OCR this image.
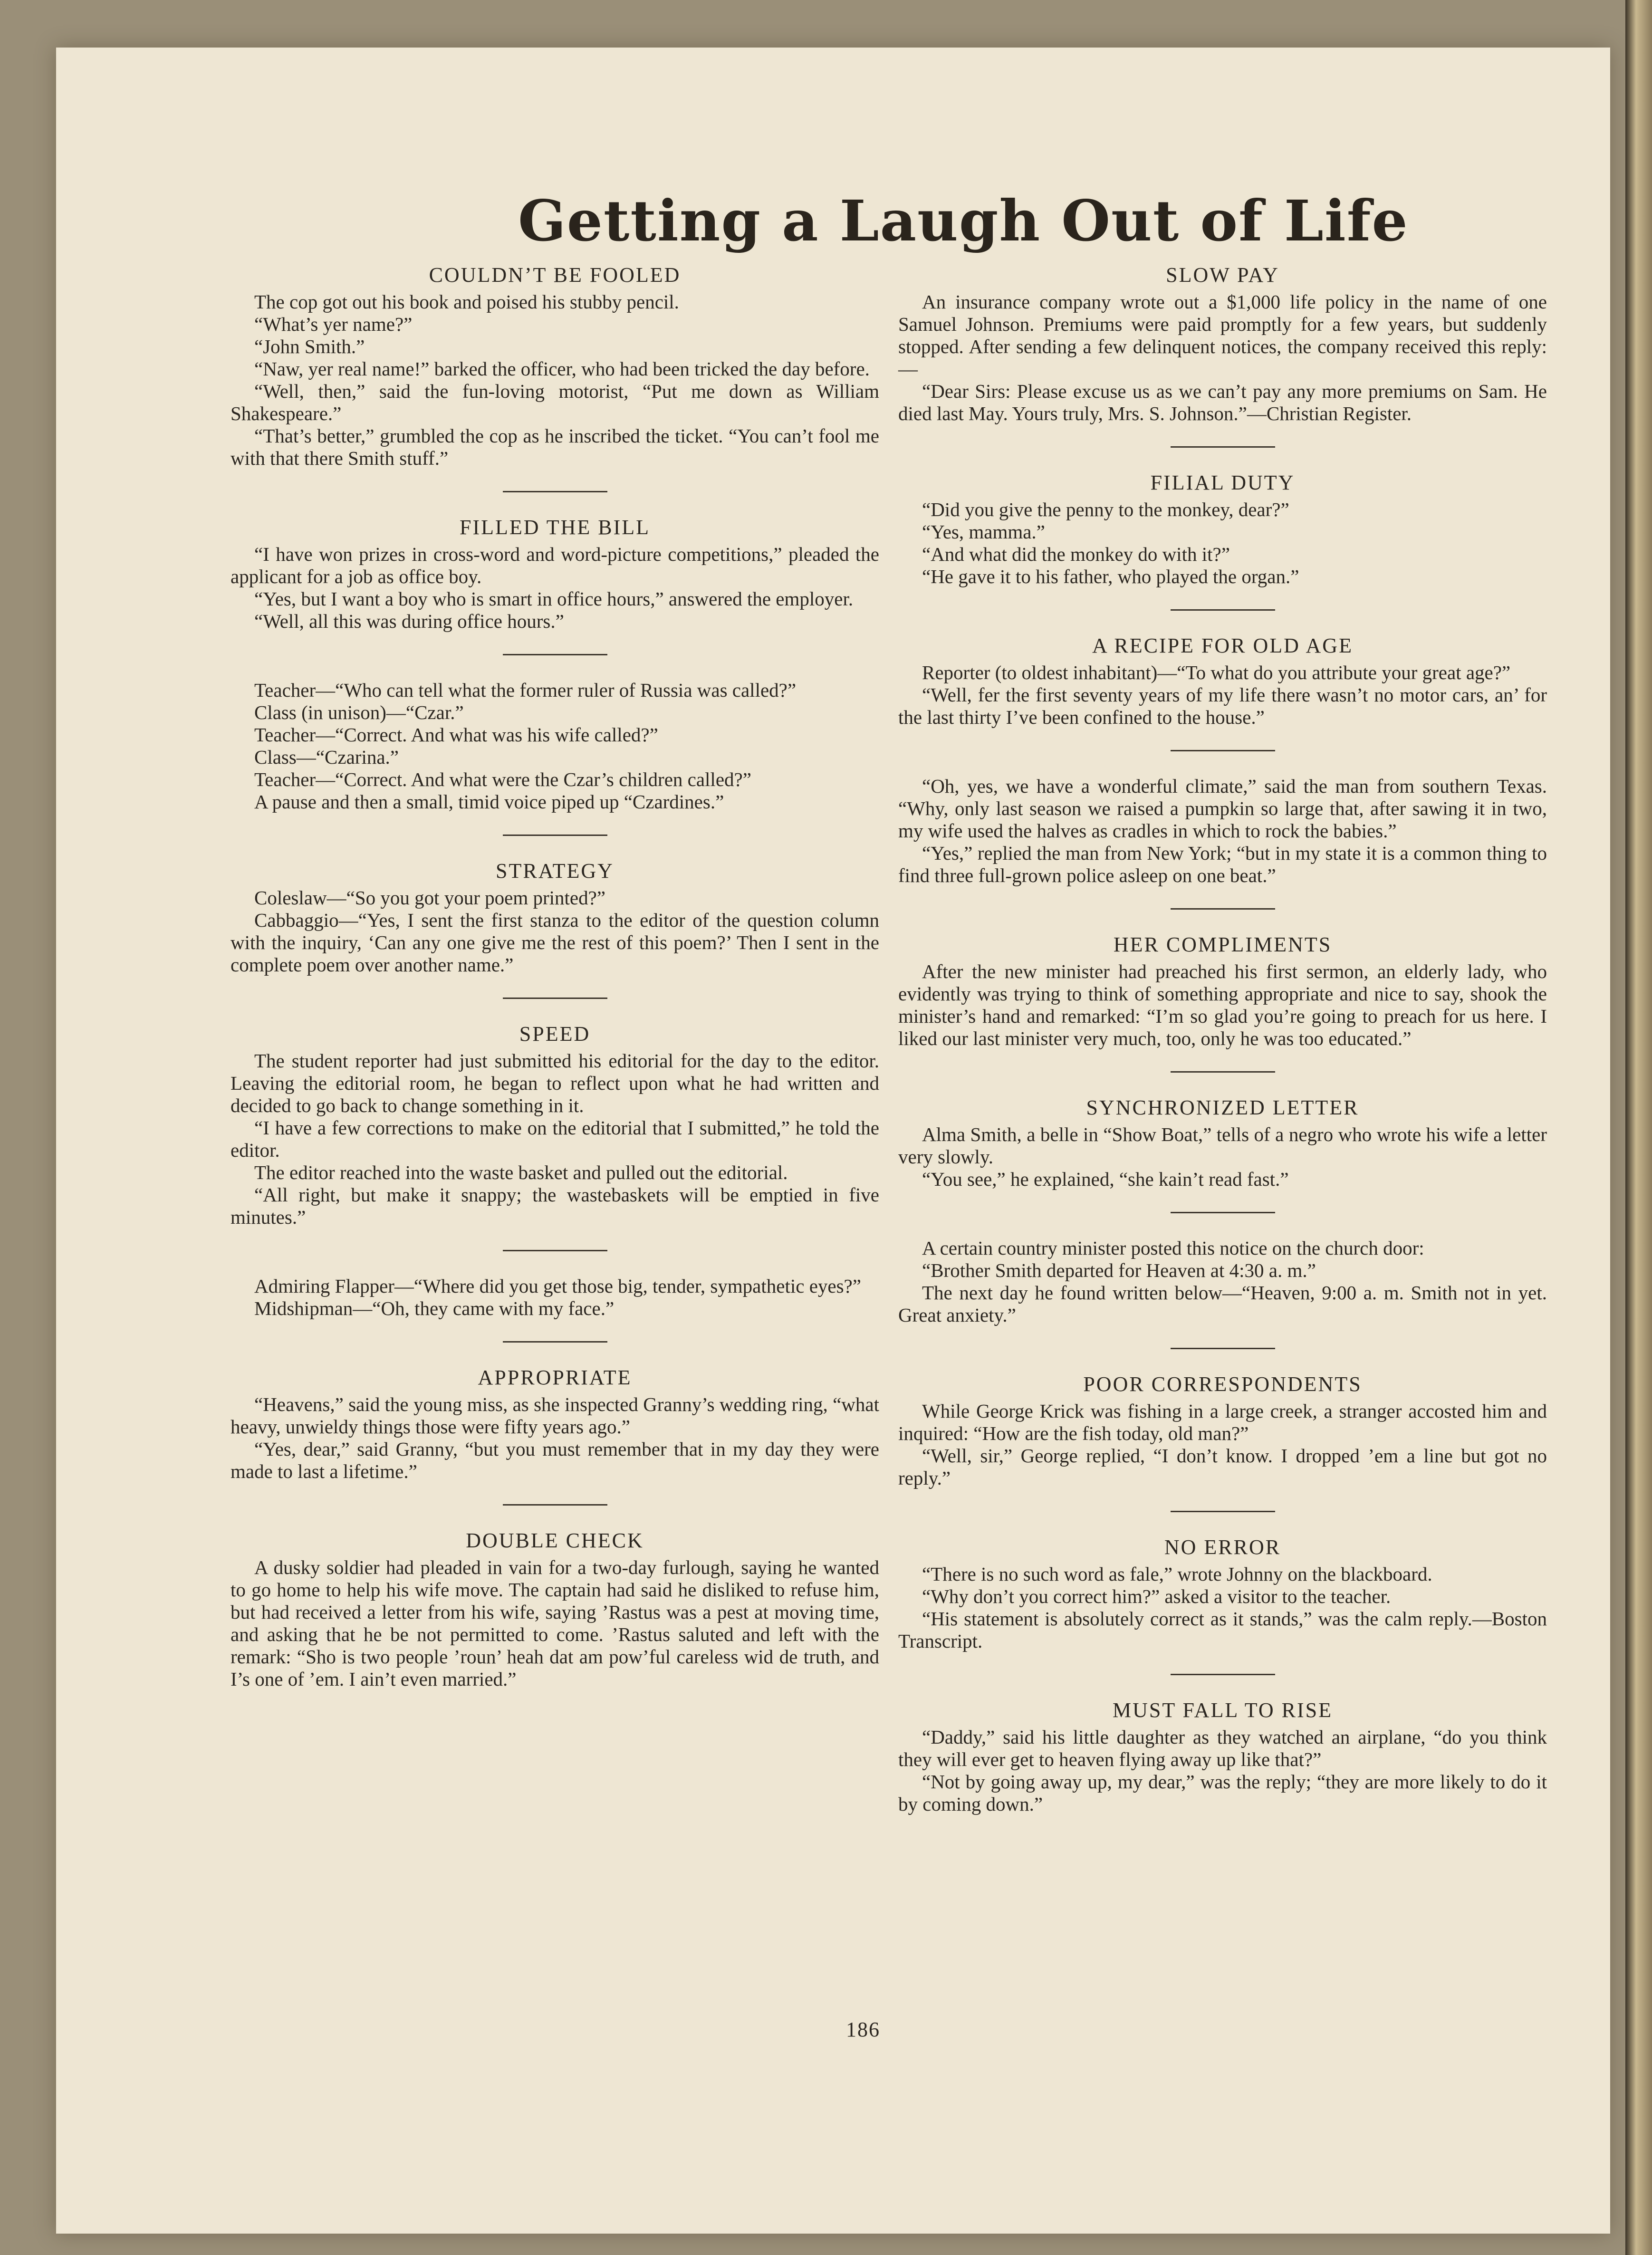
Getting a Laugh Out of Life
COULDN’T BE FOOLED
The cop got out his book and poised his stubby pencil.
“What’s yer name?”
“John Smith.”
“Naw, yer real name!” barked the officer, who had been tricked the day before.
“Well, then,” said the fun-loving motorist, “Put me down as William Shakespeare.”
“That’s better,” grumbled the cop as he inscribed the ticket. “You can’t fool me with that there Smith stuff.”
FILLED THE BILL
“I have won prizes in cross-word and word-picture competitions,” pleaded the applicant for a job as office boy.
“Yes, but I want a boy who is smart in office hours,” answered the employer.
“Well, all this was during office hours.”
Teacher—“Who can tell what the former ruler of Russia was called?”
Class (in unison)—“Czar.”
Teacher—“Correct. And what was his wife called?”
Class—“Czarina.”
Teacher—“Correct. And what were the Czar’s children called?”
A pause and then a small, timid voice piped up “Czardines.”
STRATEGY
Coleslaw—“So you got your poem printed?”
Cabbaggio—“Yes, I sent the first stanza to the editor of the question column with the inquiry, ‘Can any one give me the rest of this poem?’ Then I sent in the complete poem over another name.”
SPEED
The student reporter had just submitted his editorial for the day to the editor. Leaving the editorial room, he began to reflect upon what he had written and decided to go back to change something in it.
“I have a few corrections to make on the editorial that I submitted,” he told the editor.
The editor reached into the waste basket and pulled out the editorial.
“All right, but make it snappy; the wastebaskets will be emptied in five minutes.”
Admiring Flapper—“Where did you get those big, tender, sympathetic eyes?”
Midshipman—“Oh, they came with my face.”
APPROPRIATE
“Heavens,” said the young miss, as she inspected Granny’s wedding ring, “what heavy, unwieldy things those were fifty years ago.”
“Yes, dear,” said Granny, “but you must remember that in my day they were made to last a lifetime.”
DOUBLE CHECK
A dusky soldier had pleaded in vain for a two-day furlough, saying he wanted to go home to help his wife move. The captain had said he disliked to refuse him, but had received a letter from his wife, saying ’Rastus was a pest at moving time, and asking that he be not permitted to come. ’Rastus saluted and left with the remark: “Sho is two people ’roun’ heah dat am pow’ful careless wid de truth, and I’s one of ’em. I ain’t even married.”
SLOW PAY
An insurance company wrote out a $1,000 life policy in the name of one Samuel Johnson. Premiums were paid promptly for a few years, but suddenly stopped. After sending a few delinquent notices, the company received this reply:—
“Dear Sirs: Please excuse us as we can’t pay any more premiums on Sam. He died last May. Yours truly, Mrs. S. Johnson.”—Christian Register.
FILIAL DUTY
“Did you give the penny to the monkey, dear?”
“Yes, mamma.”
“And what did the monkey do with it?”
“He gave it to his father, who played the organ.”
A RECIPE FOR OLD AGE
Reporter (to oldest inhabitant)—“To what do you attribute your great age?”
“Well, fer the first seventy years of my life there wasn’t no motor cars, an’ for the last thirty I’ve been confined to the house.”
“Oh, yes, we have a wonderful climate,” said the man from southern Texas. “Why, only last season we raised a pumpkin so large that, after sawing it in two, my wife used the halves as cradles in which to rock the babies.”
“Yes,” replied the man from New York; “but in my state it is a common thing to find three full-grown police asleep on one beat.”
HER COMPLIMENTS
After the new minister had preached his first sermon, an elderly lady, who evidently was trying to think of something appropriate and nice to say, shook the minister’s hand and remarked: “I’m so glad you’re going to preach for us here. I liked our last minister very much, too, only he was too educated.”
SYNCHRONIZED LETTER
Alma Smith, a belle in “Show Boat,” tells of a negro who wrote his wife a letter very slowly.
“You see,” he explained, “she kain’t read fast.”
A certain country minister posted this notice on the church door:
“Brother Smith departed for Heaven at 4:30 a. m.”
The next day he found written below—“Heaven, 9:00 a. m. Smith not in yet. Great anxiety.”
POOR CORRESPONDENTS
While George Krick was fishing in a large creek, a stranger accosted him and inquired: “How are the fish today, old man?”
“Well, sir,” George replied, “I don’t know. I dropped ’em a line but got no reply.”
NO ERROR
“There is no such word as fale,” wrote Johnny on the blackboard.
“Why don’t you correct him?” asked a visitor to the teacher.
“His statement is absolutely correct as it stands,” was the calm reply.—Boston Transcript.
MUST FALL TO RISE
“Daddy,” said his little daughter as they watched an airplane, “do you think they will ever get to heaven flying away up like that?”
“Not by going away up, my dear,” was the reply; “they are more likely to do it by coming down.”
186
